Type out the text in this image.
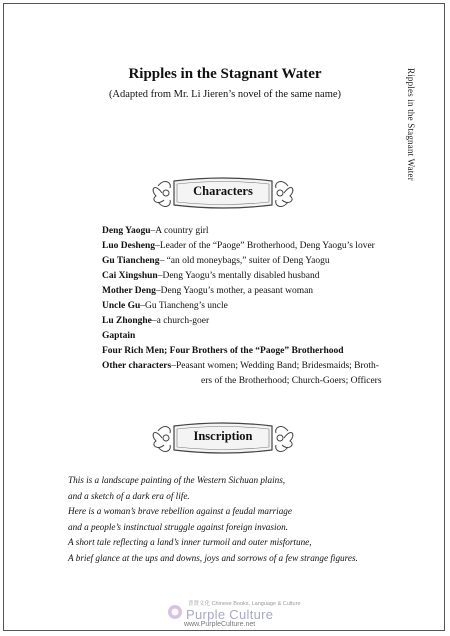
Ripples in the Stagnant Water
Ripples in the Stagnant Water
(Adapted from Mr. Li Jieren’s novel of the same name)
Characters
Deng Yaogu–A country girl
Luo Desheng–Leader of the “Paoge” Brotherhood, Deng Yaogu’s lover
Gu Tiancheng– “an old moneybags,” suiter of Deng Yaogu
Cai Xingshun–Deng Yaogu’s mentally disabled husband
Mother Deng–Deng Yaogu’s mother, a peasant woman
Uncle Gu–Gu Tiancheng’s uncle
Lu Zhonghe–a church-goer
Gaptain
Four Rich Men; Four Brothers of the “Paoge” Brotherhood
Other characters–Peasant women; Wedding Band; Bridesmaids; Broth-
ers of the Brotherhood; Church-Goers; Officers
Inscription
This is a landscape painting of the Western Sichuan plains,
and a sketch of a dark era of life.
Here is a woman’s brave rebellion against a feudal marriage
and a people’s instinctual struggle against foreign invasion.
A short tale reflecting a land’s inner turmoil and outer misfortune,
A brief glance at the ups and downs, joys and sorrows of a few strange figures.
普贤文化 Chinese Books, Language & Culture
Purple Culture
www.PurpleCulture.net
